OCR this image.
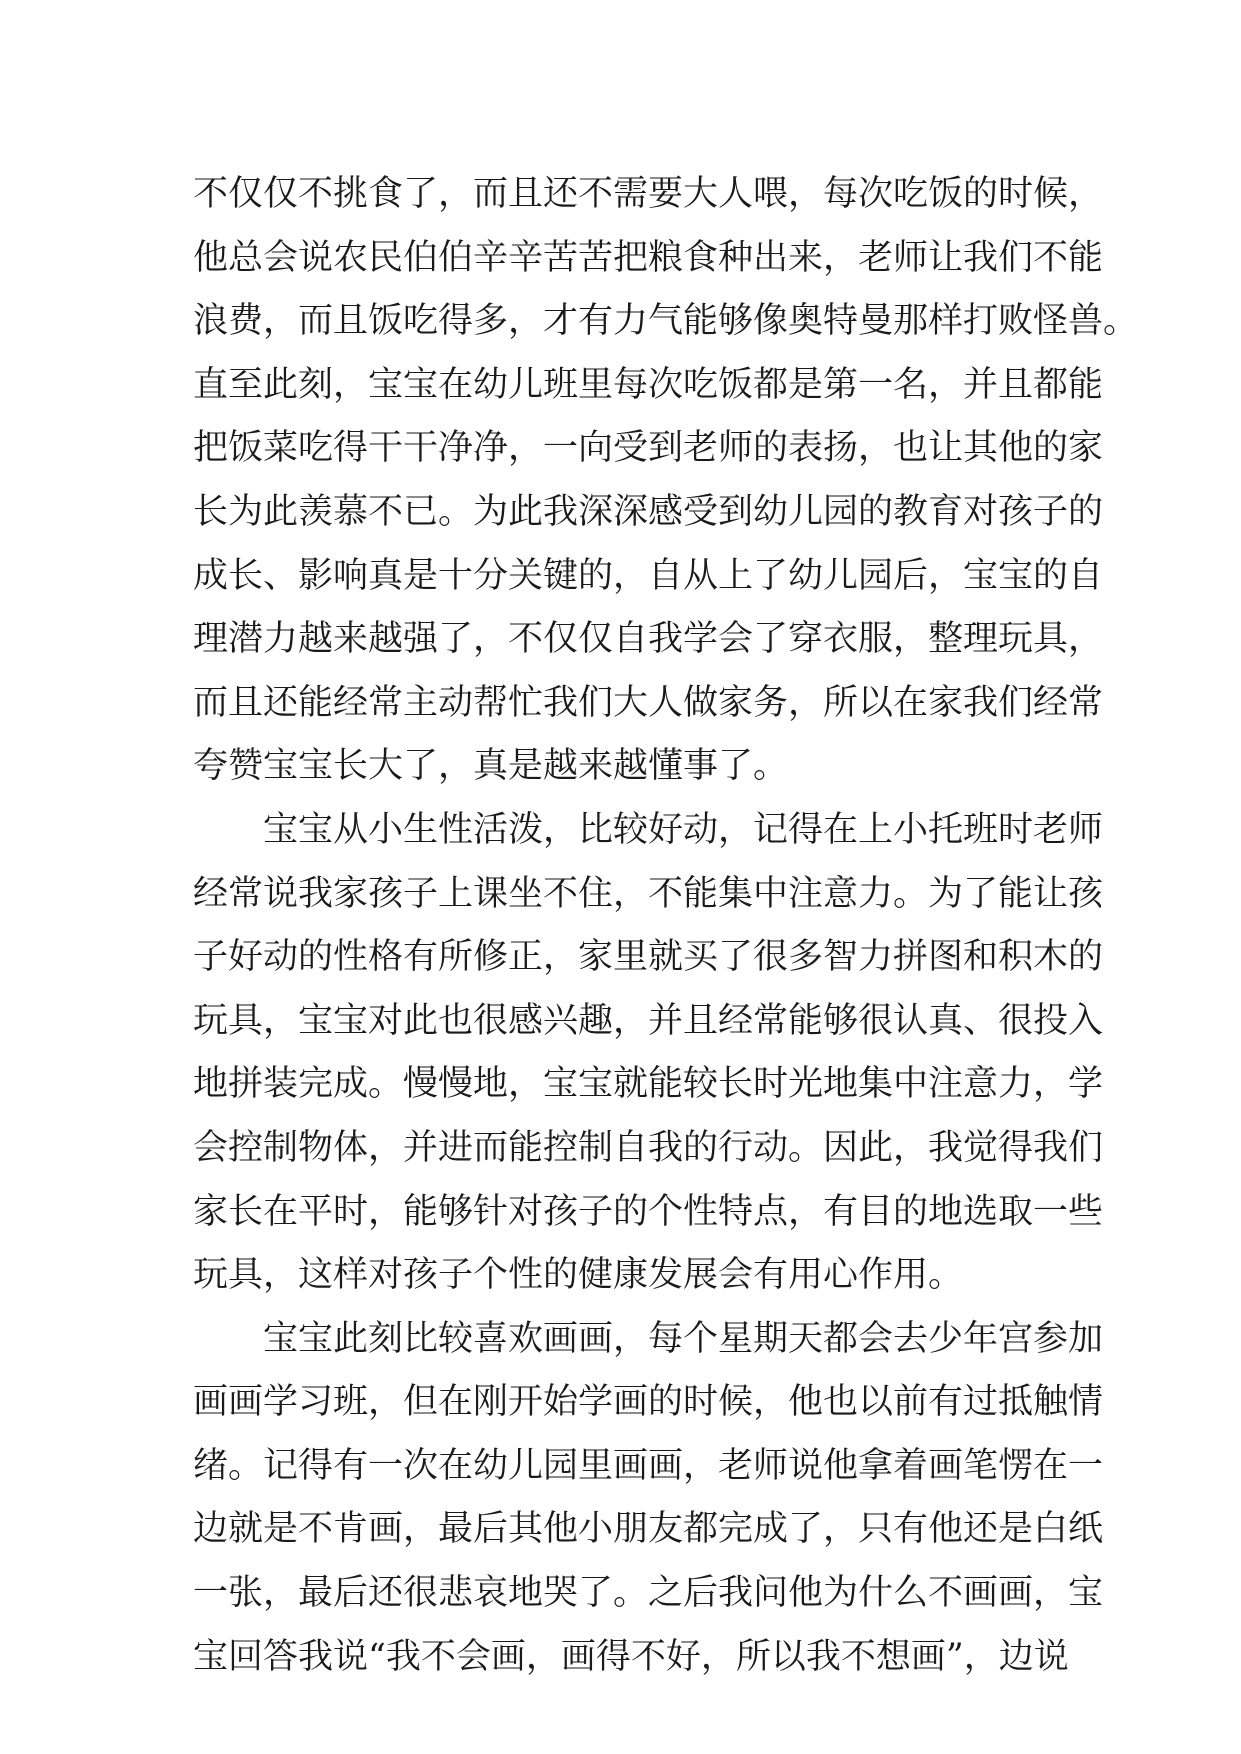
不仅仅不挑食了，而且还不需要大人喂，每次吃饭的时候，
他总会说农民伯伯辛辛苦苦把粮食种出来，老师让我们不能
浪费，而且饭吃得多，才有力气能够像奥特曼那样打败怪兽。
直至此刻，宝宝在幼儿班里每次吃饭都是第一名，并且都能
把饭菜吃得干干净净，一向受到老师的表扬，也让其他的家
长为此羡慕不已。为此我深深感受到幼儿园的教育对孩子的
成长、影响真是十分关键的，自从上了幼儿园后，宝宝的自
理潜力越来越强了，不仅仅自我学会了穿衣服，整理玩具，
而且还能经常主动帮忙我们大人做家务，所以在家我们经常
夸赞宝宝长大了，真是越来越懂事了。
　　宝宝从小生性活泼，比较好动，记得在上小托班时老师
经常说我家孩子上课坐不住，不能集中注意力。为了能让孩
子好动的性格有所修正，家里就买了很多智力拼图和积木的
玩具，宝宝对此也很感兴趣，并且经常能够很认真、很投入
地拼装完成。慢慢地，宝宝就能较长时光地集中注意力，学
会控制物体，并进而能控制自我的行动。因此，我觉得我们
家长在平时，能够针对孩子的个性特点，有目的地选取一些
玩具，这样对孩子个性的健康发展会有用心作用。
　　宝宝此刻比较喜欢画画，每个星期天都会去少年宫参加
画画学习班，但在刚开始学画的时候，他也以前有过抵触情
绪。记得有一次在幼儿园里画画，老师说他拿着画笔愣在一
边就是不肯画，最后其他小朋友都完成了，只有他还是白纸
一张，最后还很悲哀地哭了。之后我问他为什么不画画，宝
宝回答我说“我不会画，画得不好，所以我不想画”，边说
